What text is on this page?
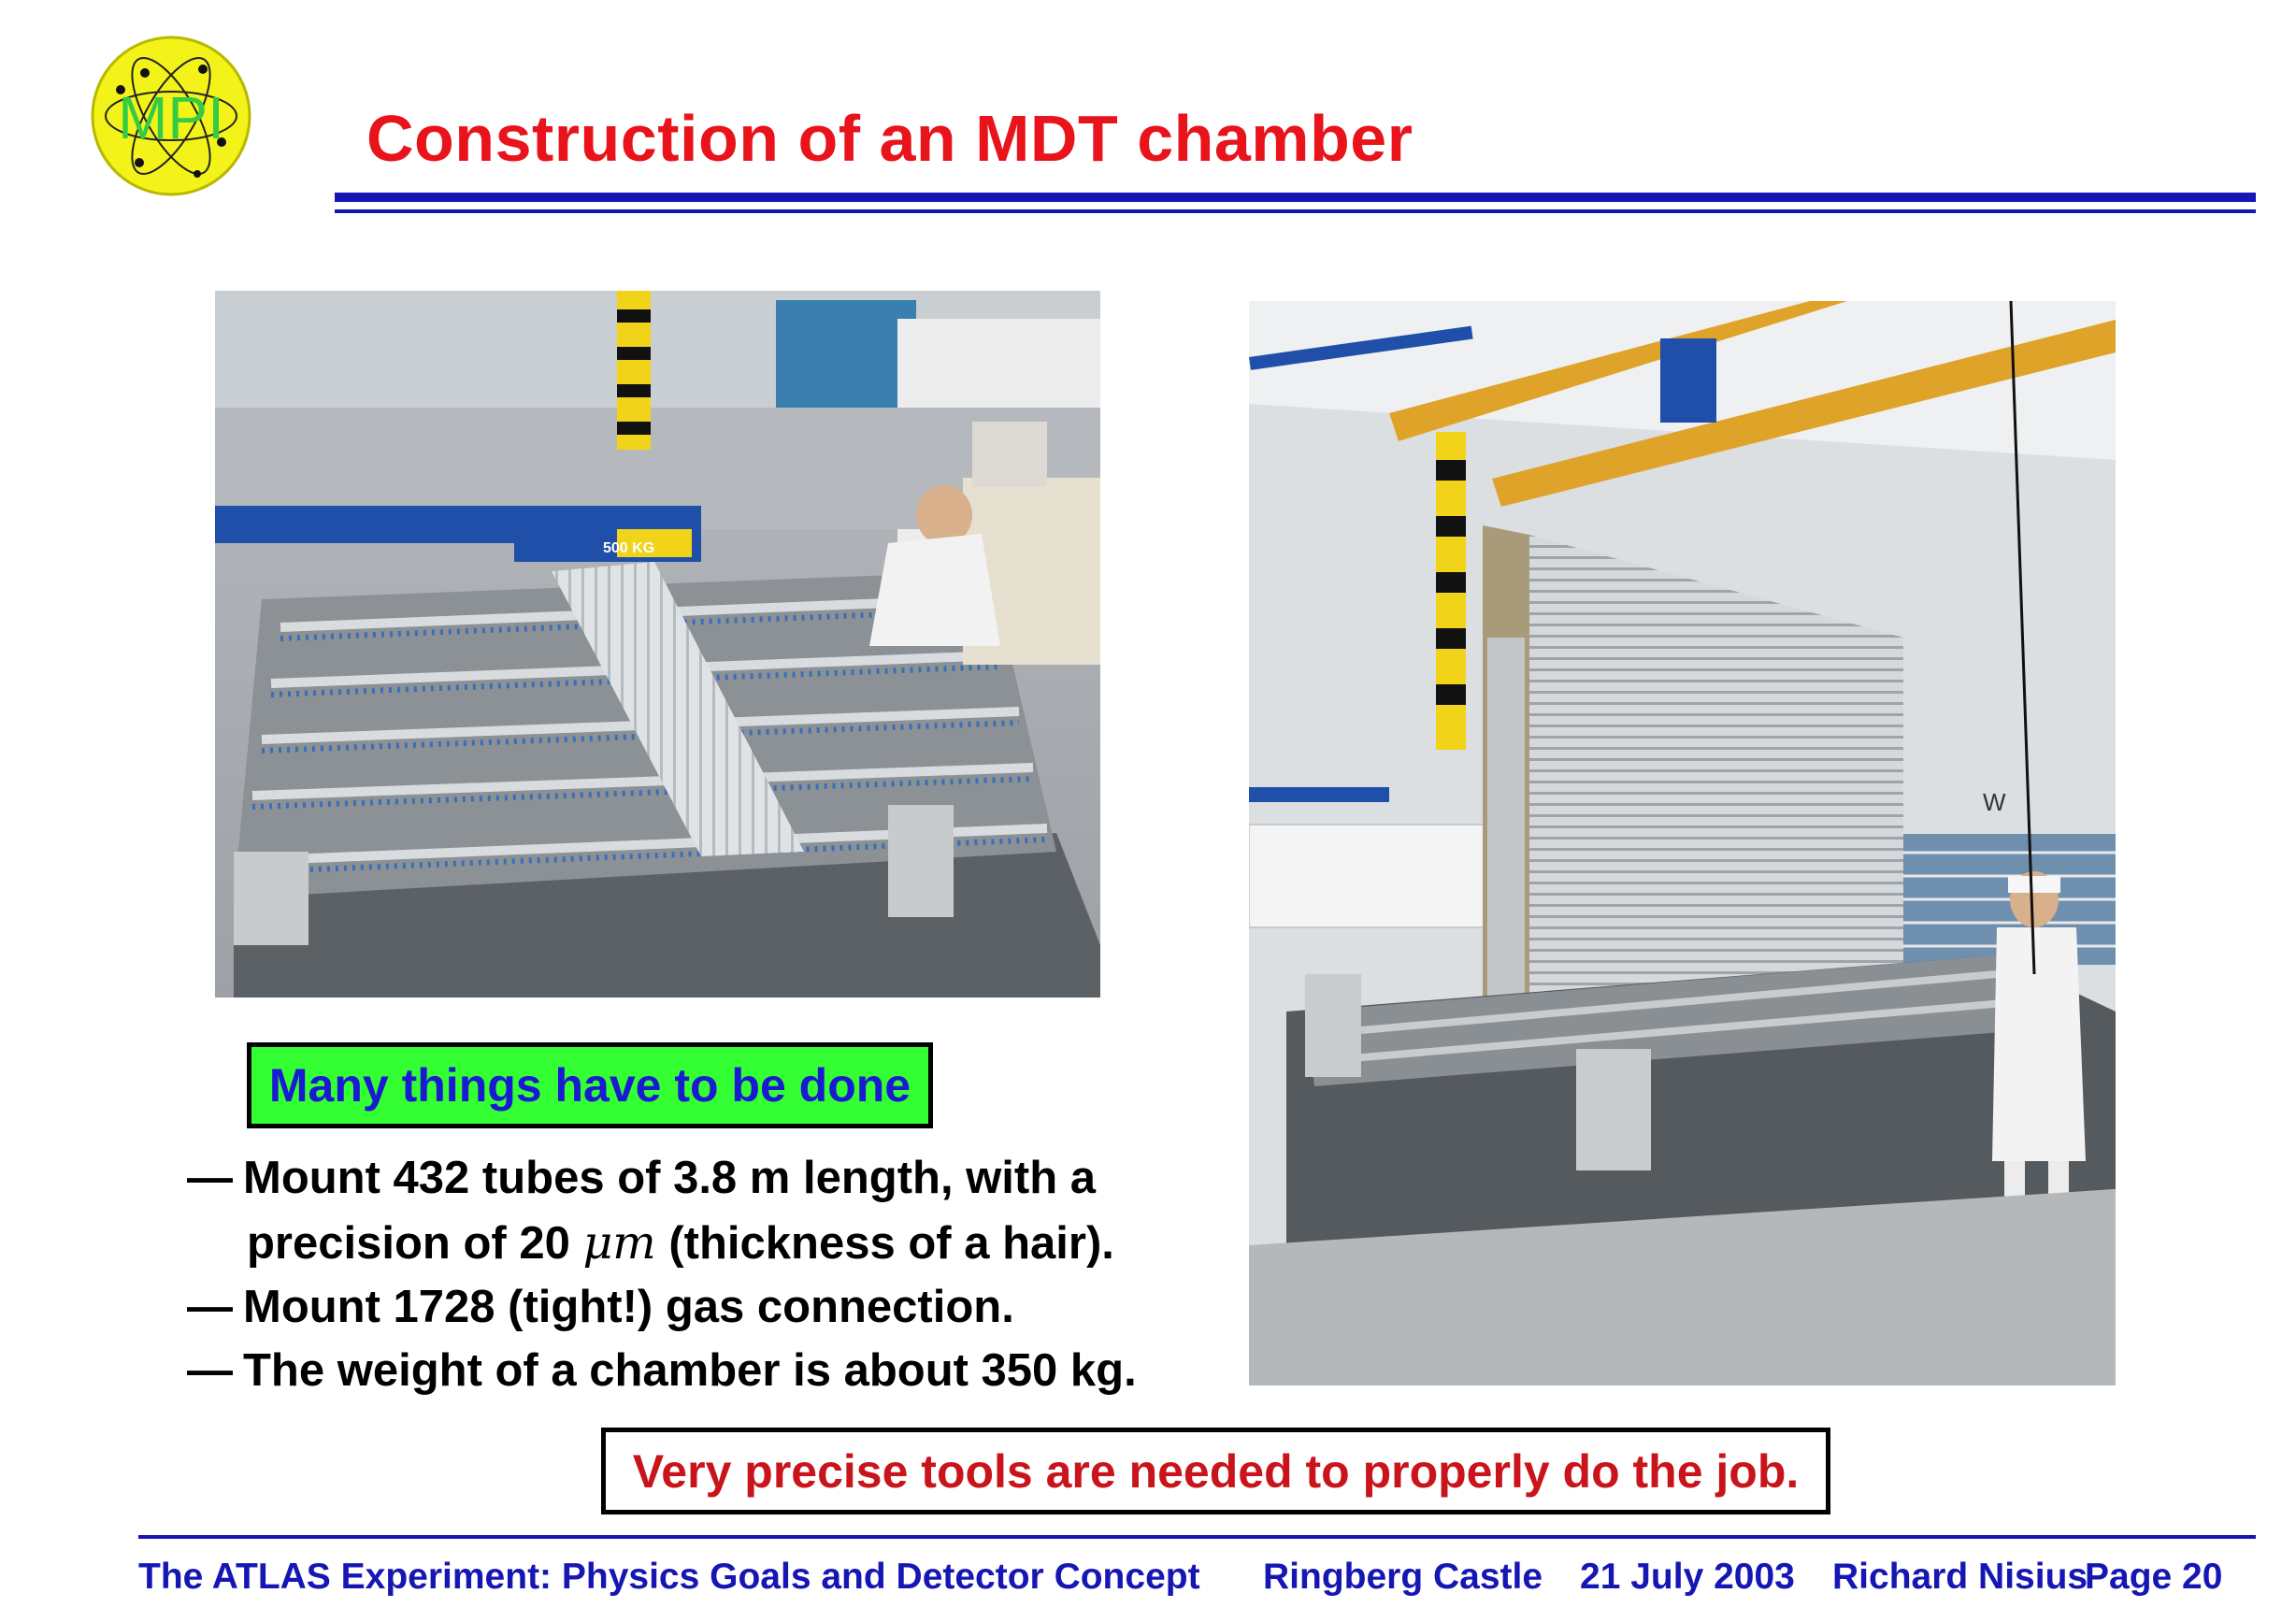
MPI Construction of an MDT chamber
500 KG
W
Many things have to be done
— Mount 432 tubes of 3.8 m length, with a
precision of 20 μm (thickness of a hair).
— Mount 1728 (tight!) gas connection.
— The weight of a chamber is about 350 kg.
Very precise tools are needed to properly do the job.
The ATLAS Experiment: Physics Goals and Detector Concept Ringberg Castle 21 July 2003 Richard Nisius
Page 20
